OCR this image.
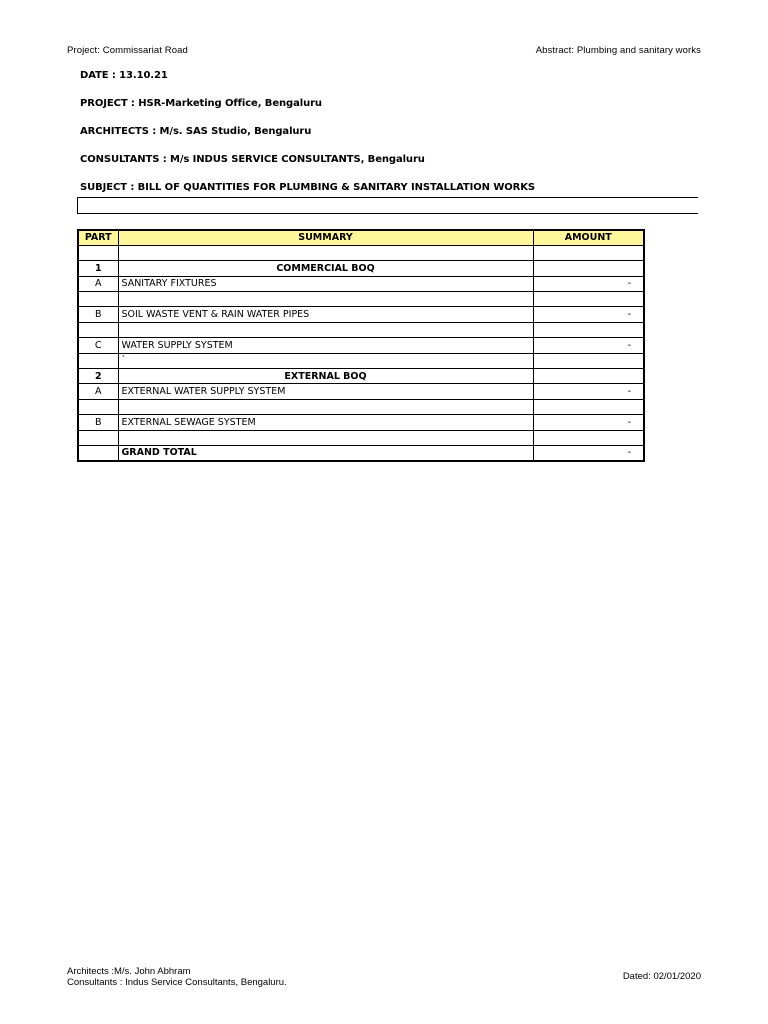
Project: Commissariat Road	Abstract: Plumbing and sanitary works
DATE : 13.10.21
PROJECT : HSR-Marketing Office, Bengaluru
ARCHITECTS : M/s. SAS Studio, Bengaluru
CONSULTANTS : M/s INDUS SERVICE CONSULTANTS, Bengaluru
SUBJECT : BILL OF QUANTITIES FOR PLUMBING & SANITARY INSTALLATION WORKS
PART	SUMMARY	AMOUNT

1	COMMERCIAL BOQ	
A	SANITARY FIXTURES	-

B	SOIL WASTE VENT & RAIN WATER PIPES	-

C	WATER SUPPLY SYSTEM	-
	`	
2	EXTERNAL BOQ	
A	EXTERNAL WATER SUPPLY SYSTEM	-

B	EXTERNAL SEWAGE SYSTEM	-

	GRAND TOTAL	-
Architects :M/s. John Abhram
Consultants : Indus Service Consultants, Bengaluru.
Dated: 02/01/2020
